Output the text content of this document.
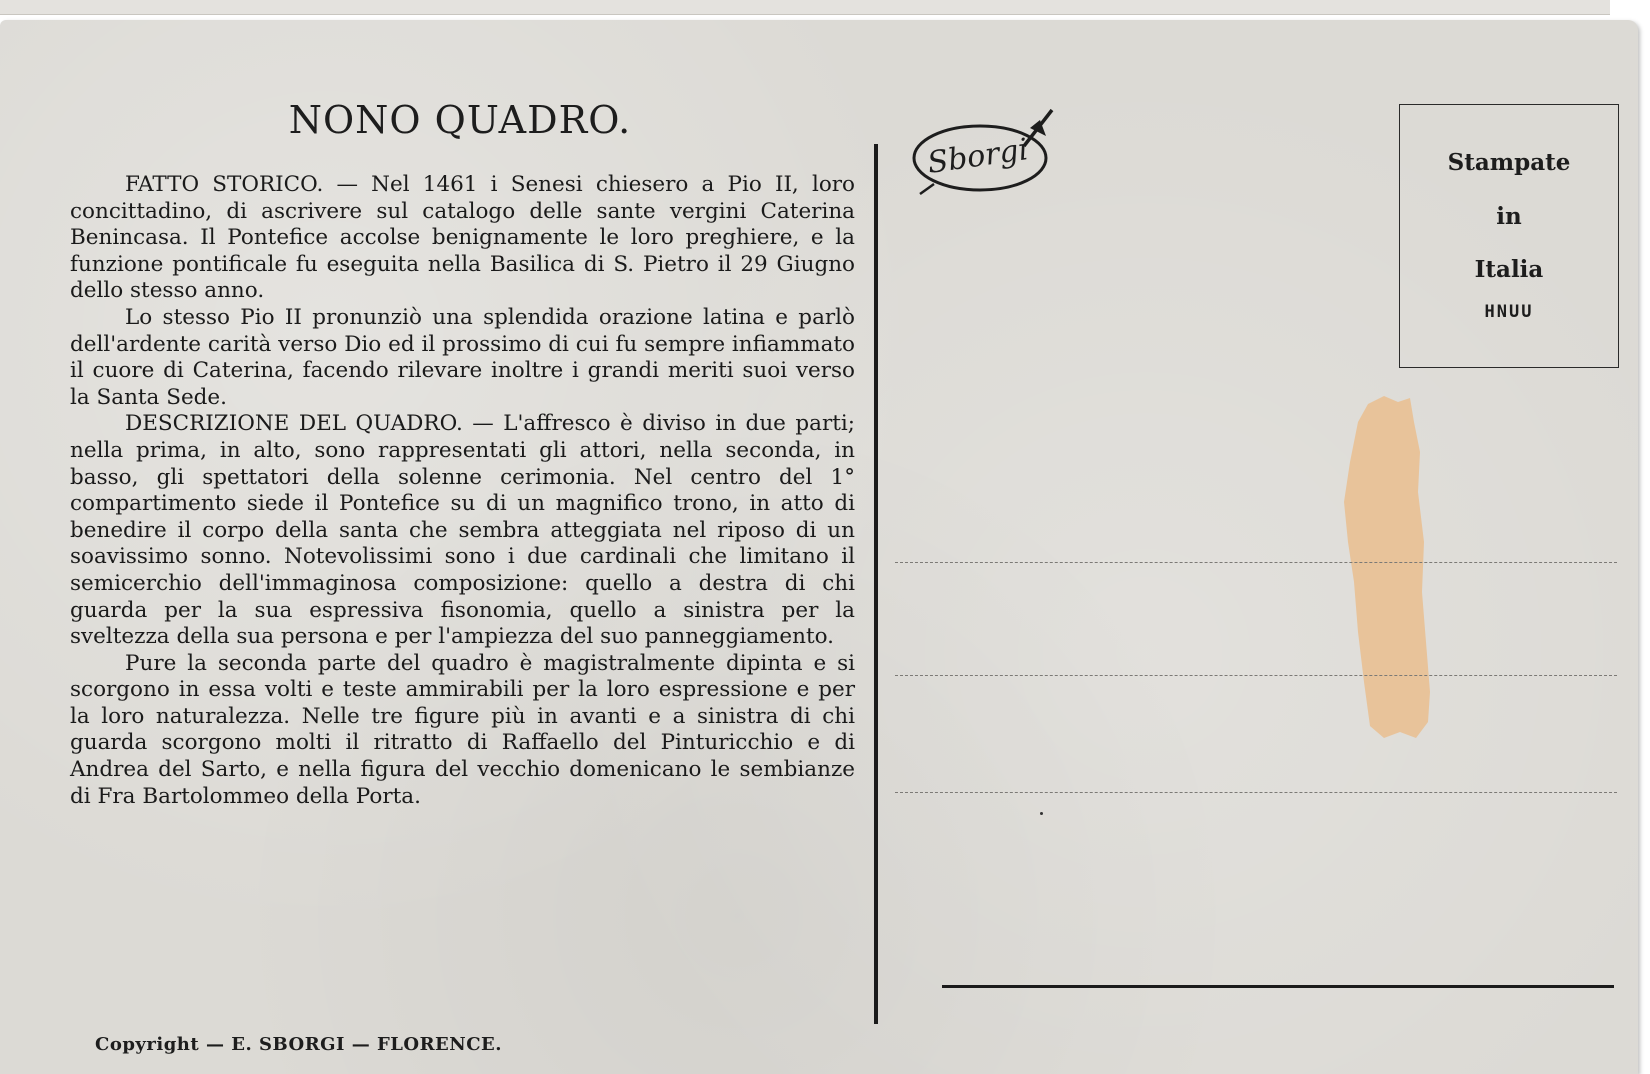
NONO QUADRO.

FATTO STORICO. — Nel 1461 i Senesi chiesero a Pio II, loro concittadino, di ascrivere sul catalogo delle sante vergini Caterina Benincasa. Il Pontefice accolse benignamente le loro preghiere, e la funzione pontificale fu eseguita nella Basilica di S. Pietro il 29 Giugno dello stesso anno.

Lo stesso Pio II pronunziò una splendida orazione latina e parlò dell'ardente carità verso Dio ed il prossimo di cui fu sempre infiammato il cuore di Caterina, facendo rilevare inoltre i grandi meriti suoi verso la Santa Sede.

DESCRIZIONE DEL QUADRO. — L'affresco è diviso in due parti; nella prima, in alto, sono rappresentati gli attori, nella seconda, in basso, gli spettatori della solenne cerimonia. Nel centro del 1° compartimento siede il Pontefice su di un magnifico trono, in atto di benedire il corpo della santa che sembra atteggiata nel riposo di un soavissimo sonno. Notevolissimi sono i due cardinali che limitano il semicerchio dell'immaginosa composizione: quello a destra di chi guarda per la sua espressiva fisonomia, quello a sinistra per la sveltezza della sua persona e per l'ampiezza del suo panneggiamento.

Pure la seconda parte del quadro è magistralmente dipinta e si scorgono in essa volti e teste ammirabili per la loro espressione e per la loro naturalezza. Nelle tre figure più in avanti e a sinistra di chi guarda scorgono molti il ritratto di Raffaello del Pinturicchio e di Andrea del Sarto, e nella figura del vecchio domenicano le sembianze di Fra Bartolommeo della Porta.

Sborgi	Stampate
in
Italia
HNUU
Copyright — E. SBORGI — FLORENCE.
